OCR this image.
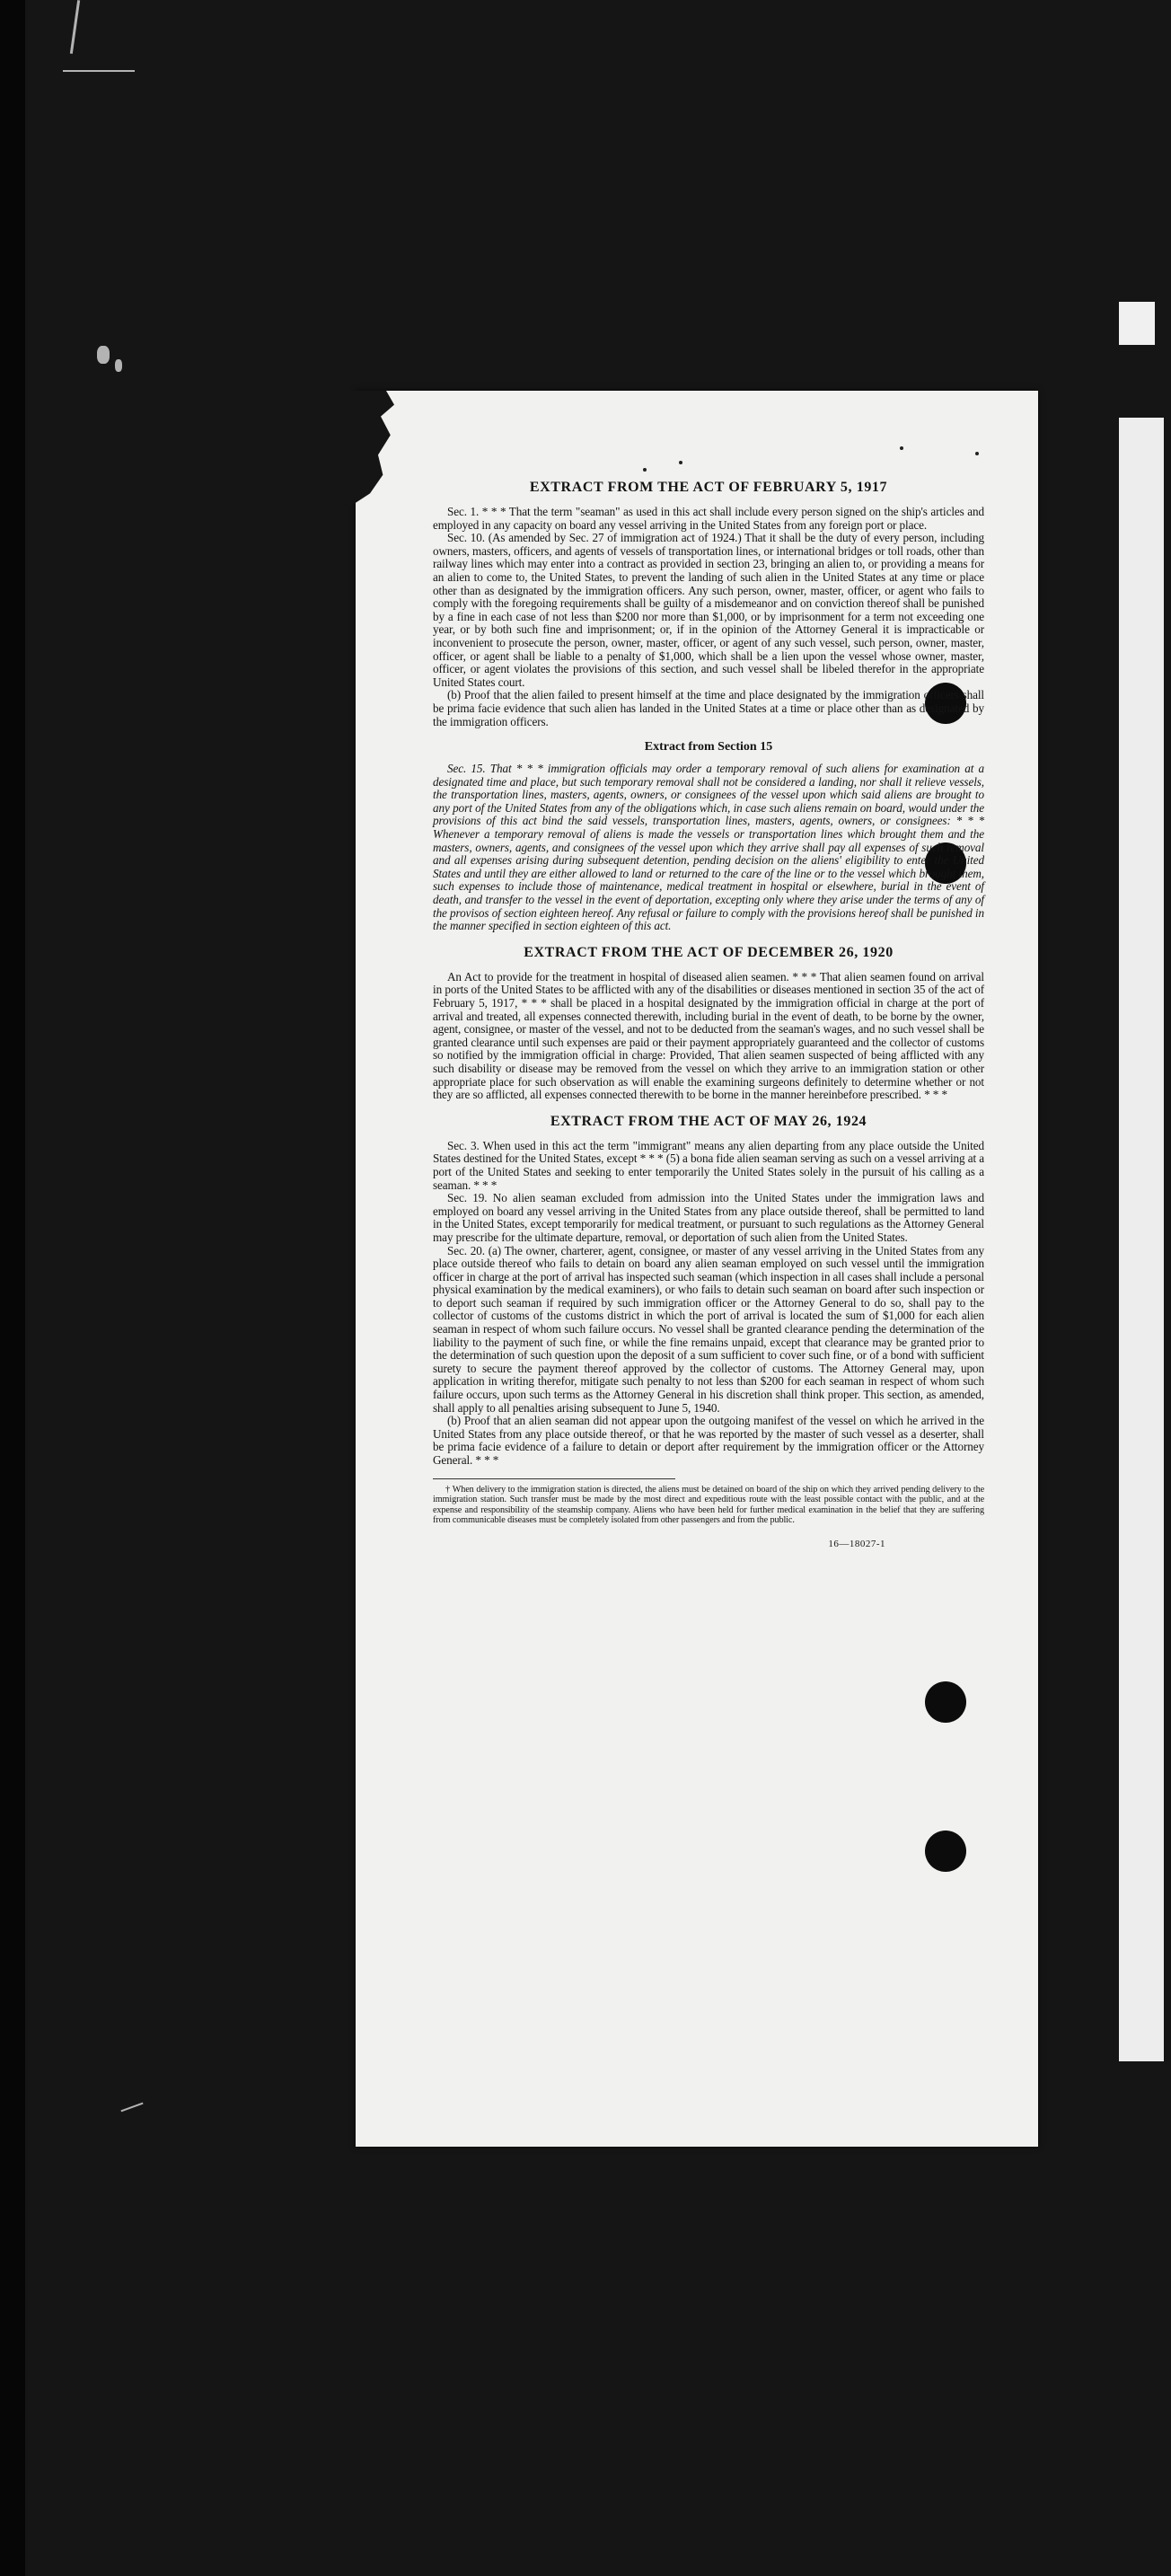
EXTRACT FROM THE ACT OF FEBRUARY 5, 1917

Sec. 1. * * * That the term "seaman" as used in this act shall include every person signed on the ship's articles and employed in any capacity on board any vessel arriving in the United States from any foreign port or place.

Sec. 10. (As amended by Sec. 27 of immigration act of 1924.) That it shall be the duty of every person, including owners, masters, officers, and agents of vessels of transportation lines, or international bridges or toll roads, other than railway lines which may enter into a contract as provided in section 23, bringing an alien to, or providing a means for an alien to come to, the United States, to prevent the landing of such alien in the United States at any time or place other than as designated by the immigration officers. Any such person, owner, master, officer, or agent who fails to comply with the foregoing requirements shall be guilty of a misdemeanor and on conviction thereof shall be punished by a fine in each case of not less than $200 nor more than $1,000, or by imprisonment for a term not exceeding one year, or by both such fine and imprisonment; or, if in the opinion of the Attorney General it is impracticable or inconvenient to prosecute the person, owner, master, officer, or agent of any such vessel, such person, owner, master, officer, or agent shall be liable to a penalty of $1,000, which shall be a lien upon the vessel whose owner, master, officer, or agent violates the provisions of this section, and such vessel shall be libeled therefor in the appropriate United States court.

(b) Proof that the alien failed to present himself at the time and place designated by the immigration officers shall be prima facie evidence that such alien has landed in the United States at a time or place other than as designated by the immigration officers.

Extract from Section 15

Sec. 15. That * * * immigration officials may order a temporary removal of such aliens for examination at a designated time and place, but such temporary removal shall not be considered a landing, nor shall it relieve vessels, the transportation lines, masters, agents, owners, or consignees of the vessel upon which said aliens are brought to any port of the United States from any of the obligations which, in case such aliens remain on board, would under the provisions of this act bind the said vessels, transportation lines, masters, agents, owners, or consignees: * * * Whenever a temporary removal of aliens is made the vessels or transportation lines which brought them and the masters, owners, agents, and consignees of the vessel upon which they arrive shall pay all expenses of such removal and all expenses arising during subsequent detention, pending decision on the aliens' eligibility to enter the United States and until they are either allowed to land or returned to the care of the line or to the vessel which brought them, such expenses to include those of maintenance, medical treatment in hospital or elsewhere, burial in the event of death, and transfer to the vessel in the event of deportation, excepting only where they arise under the terms of any of the provisos of section eighteen hereof. Any refusal or failure to comply with the provisions hereof shall be punished in the manner specified in section eighteen of this act.

EXTRACT FROM THE ACT OF DECEMBER 26, 1920

An Act to provide for the treatment in hospital of diseased alien seamen. * * * That alien seamen found on arrival in ports of the United States to be afflicted with any of the disabilities or diseases mentioned in section 35 of the act of February 5, 1917, * * * shall be placed in a hospital designated by the immigration official in charge at the port of arrival and treated, all expenses connected therewith, including burial in the event of death, to be borne by the owner, agent, consignee, or master of the vessel, and not to be deducted from the seaman's wages, and no such vessel shall be granted clearance until such expenses are paid or their payment appropriately guaranteed and the collector of customs so notified by the immigration official in charge: Provided, That alien seamen suspected of being afflicted with any such disability or disease may be removed from the vessel on which they arrive to an immigration station or other appropriate place for such observation as will enable the examining surgeons definitely to determine whether or not they are so afflicted, all expenses connected therewith to be borne in the manner hereinbefore prescribed. * * *

EXTRACT FROM THE ACT OF MAY 26, 1924

Sec. 3. When used in this act the term "immigrant" means any alien departing from any place outside the United States destined for the United States, except * * * (5) a bona fide alien seaman serving as such on a vessel arriving at a port of the United States and seeking to enter temporarily the United States solely in the pursuit of his calling as a seaman. * * *

Sec. 19. No alien seaman excluded from admission into the United States under the immigration laws and employed on board any vessel arriving in the United States from any place outside thereof, shall be permitted to land in the United States, except temporarily for medical treatment, or pursuant to such regulations as the Attorney General may prescribe for the ultimate departure, removal, or deportation of such alien from the United States.

Sec. 20. (a) The owner, charterer, agent, consignee, or master of any vessel arriving in the United States from any place outside thereof who fails to detain on board any alien seaman employed on such vessel until the immigration officer in charge at the port of arrival has inspected such seaman (which inspection in all cases shall include a personal physical examination by the medical examiners), or who fails to detain such seaman on board after such inspection or to deport such seaman if required by such immigration officer or the Attorney General to do so, shall pay to the collector of customs of the customs district in which the port of arrival is located the sum of $1,000 for each alien seaman in respect of whom such failure occurs. No vessel shall be granted clearance pending the determination of the liability to the payment of such fine, or while the fine remains unpaid, except that clearance may be granted prior to the determination of such question upon the deposit of a sum sufficient to cover such fine, or of a bond with sufficient surety to secure the payment thereof approved by the collector of customs. The Attorney General may, upon application in writing therefor, mitigate such penalty to not less than $200 for each seaman in respect of whom such failure occurs, upon such terms as the Attorney General in his discretion shall think proper. This section, as amended, shall apply to all penalties arising subsequent to June 5, 1940.

(b) Proof that an alien seaman did not appear upon the outgoing manifest of the vessel on which he arrived in the United States from any place outside thereof, or that he was reported by the master of such vessel as a deserter, shall be prima facie evidence of a failure to detain or deport after requirement by the immigration officer or the Attorney General. * * *

† When delivery to the immigration station is directed, the aliens must be detained on board of the ship on which they arrived pending delivery to the immigration station. Such transfer must be made by the most direct and expeditious route with the least possible contact with the public, and at the expense and responsibility of the steamship company. Aliens who have been held for further medical examination in the belief that they are suffering from communicable diseases must be completely isolated from other passengers and from the public.

16—18027-1
